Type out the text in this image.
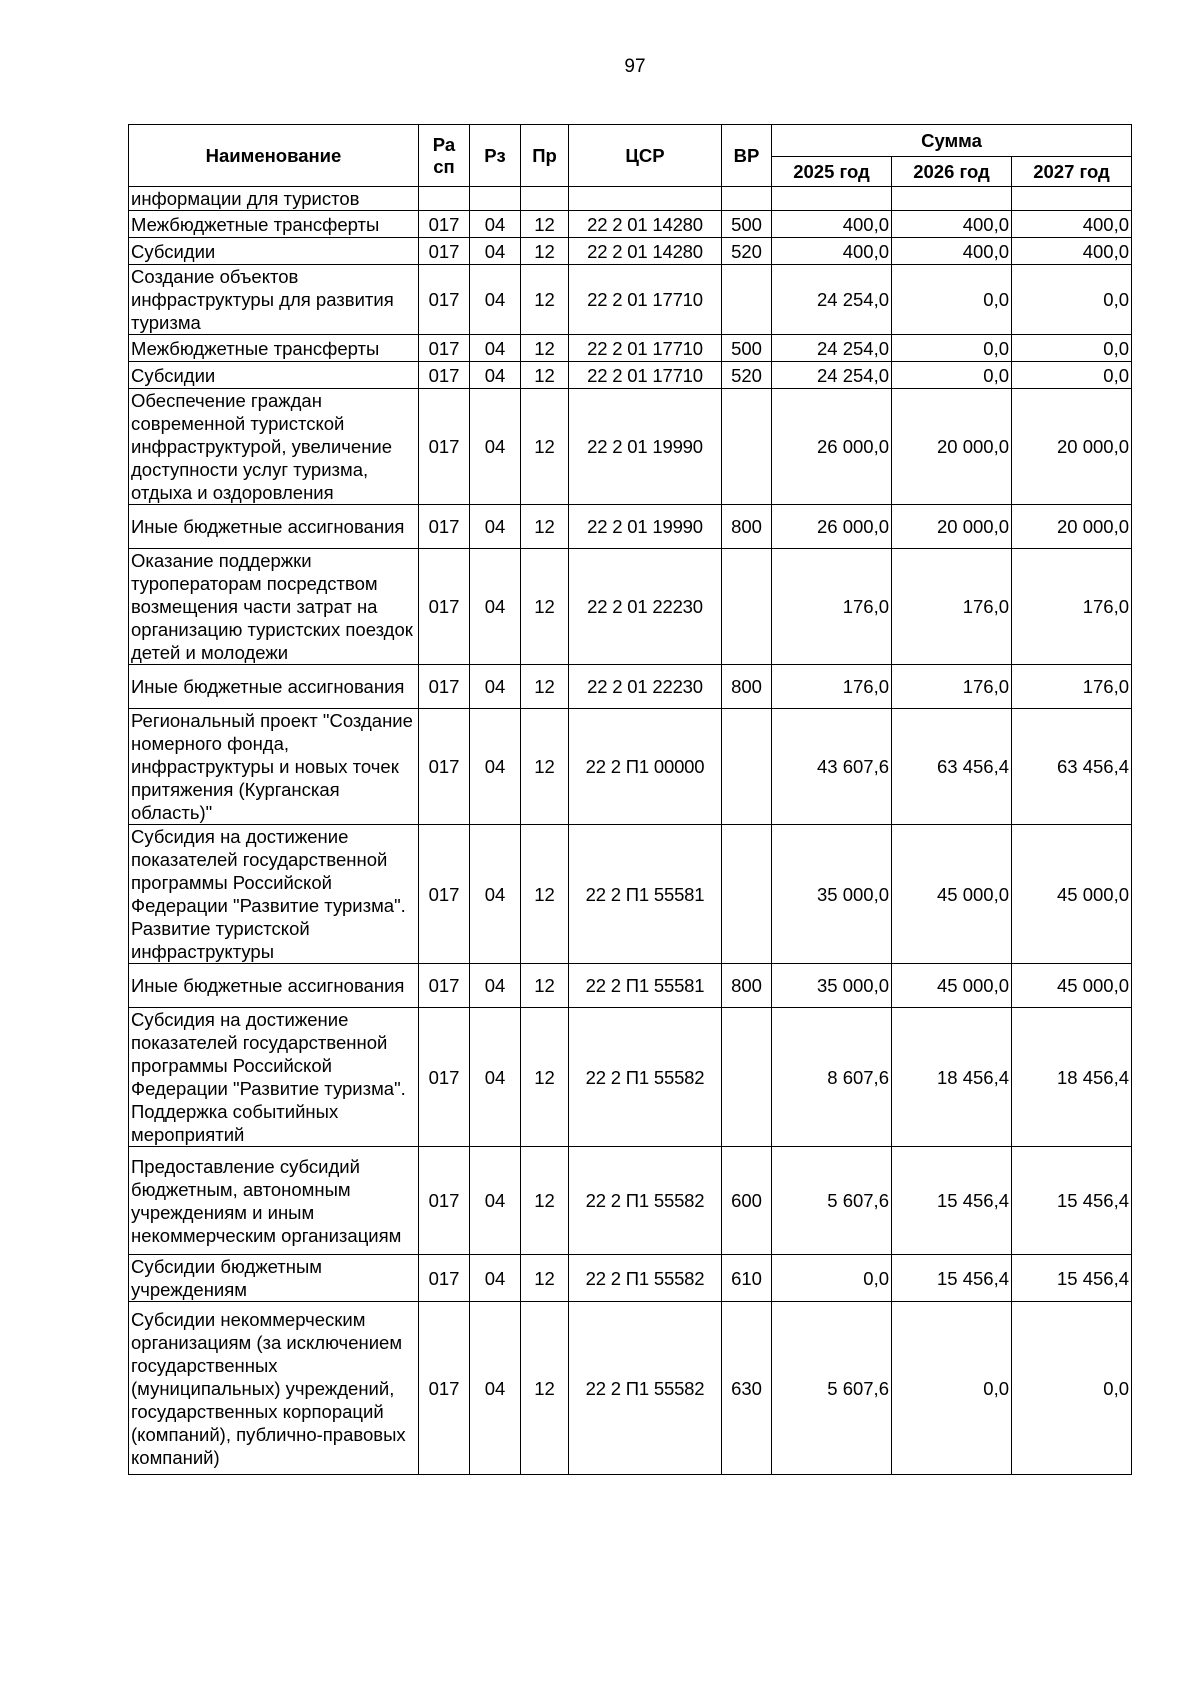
97
Наименование	Ра сп	Рз	Пр	ЦСР	ВР	Сумма		
						2025 год	2026 год	2027 год
информации для туристов								
Межбюджетные трансферты	017	04	12	22 2 01 14280	500	400,0	400,0	400,0
Субсидии	017	04	12	22 2 01 14280	520	400,0	400,0	400,0
Создание объектов инфраструктуры для развития туризма	017	04	12	22 2 01 17710		24 254,0	0,0	0,0
Межбюджетные трансферты	017	04	12	22 2 01 17710	500	24 254,0	0,0	0,0
Субсидии	017	04	12	22 2 01 17710	520	24 254,0	0,0	0,0
Обеспечение граждан современной туристской инфраструктурой, увеличение доступности услуг туризма, отдыха и оздоровления	017	04	12	22 2 01 19990		26 000,0	20 000,0	20 000,0
Иные бюджетные ассигнования	017	04	12	22 2 01 19990	800	26 000,0	20 000,0	20 000,0
Оказание поддержки туроператорам посредством возмещения части затрат на организацию туристских поездок детей и молодежи	017	04	12	22 2 01 22230		176,0	176,0	176,0
Иные бюджетные ассигнования	017	04	12	22 2 01 22230	800	176,0	176,0	176,0
Региональный проект "Создание номерного фонда, инфраструктуры и новых точек притяжения (Курганская область)"	017	04	12	22 2 П1 00000		43 607,6	63 456,4	63 456,4
Субсидия на достижение показателей государственной программы Российской Федерации "Развитие туризма". Развитие туристской инфраструктуры	017	04	12	22 2 П1 55581		35 000,0	45 000,0	45 000,0
Иные бюджетные ассигнования	017	04	12	22 2 П1 55581	800	35 000,0	45 000,0	45 000,0
Субсидия на достижение показателей государственной программы Российской Федерации "Развитие туризма". Поддержка событийных мероприятий	017	04	12	22 2 П1 55582		8 607,6	18 456,4	18 456,4
Предоставление субсидий бюджетным, автономным учреждениям и иным некоммерческим организациям	017	04	12	22 2 П1 55582	600	5 607,6	15 456,4	15 456,4
Субсидии бюджетным учреждениям	017	04	12	22 2 П1 55582	610	0,0	15 456,4	15 456,4
Субсидии некоммерческим организациям (за исключением государственных (муниципальных) учреждений, государственных корпораций (компаний), публично-правовых компаний)	017	04	12	22 2 П1 55582	630	5 607,6	0,0	0,0
